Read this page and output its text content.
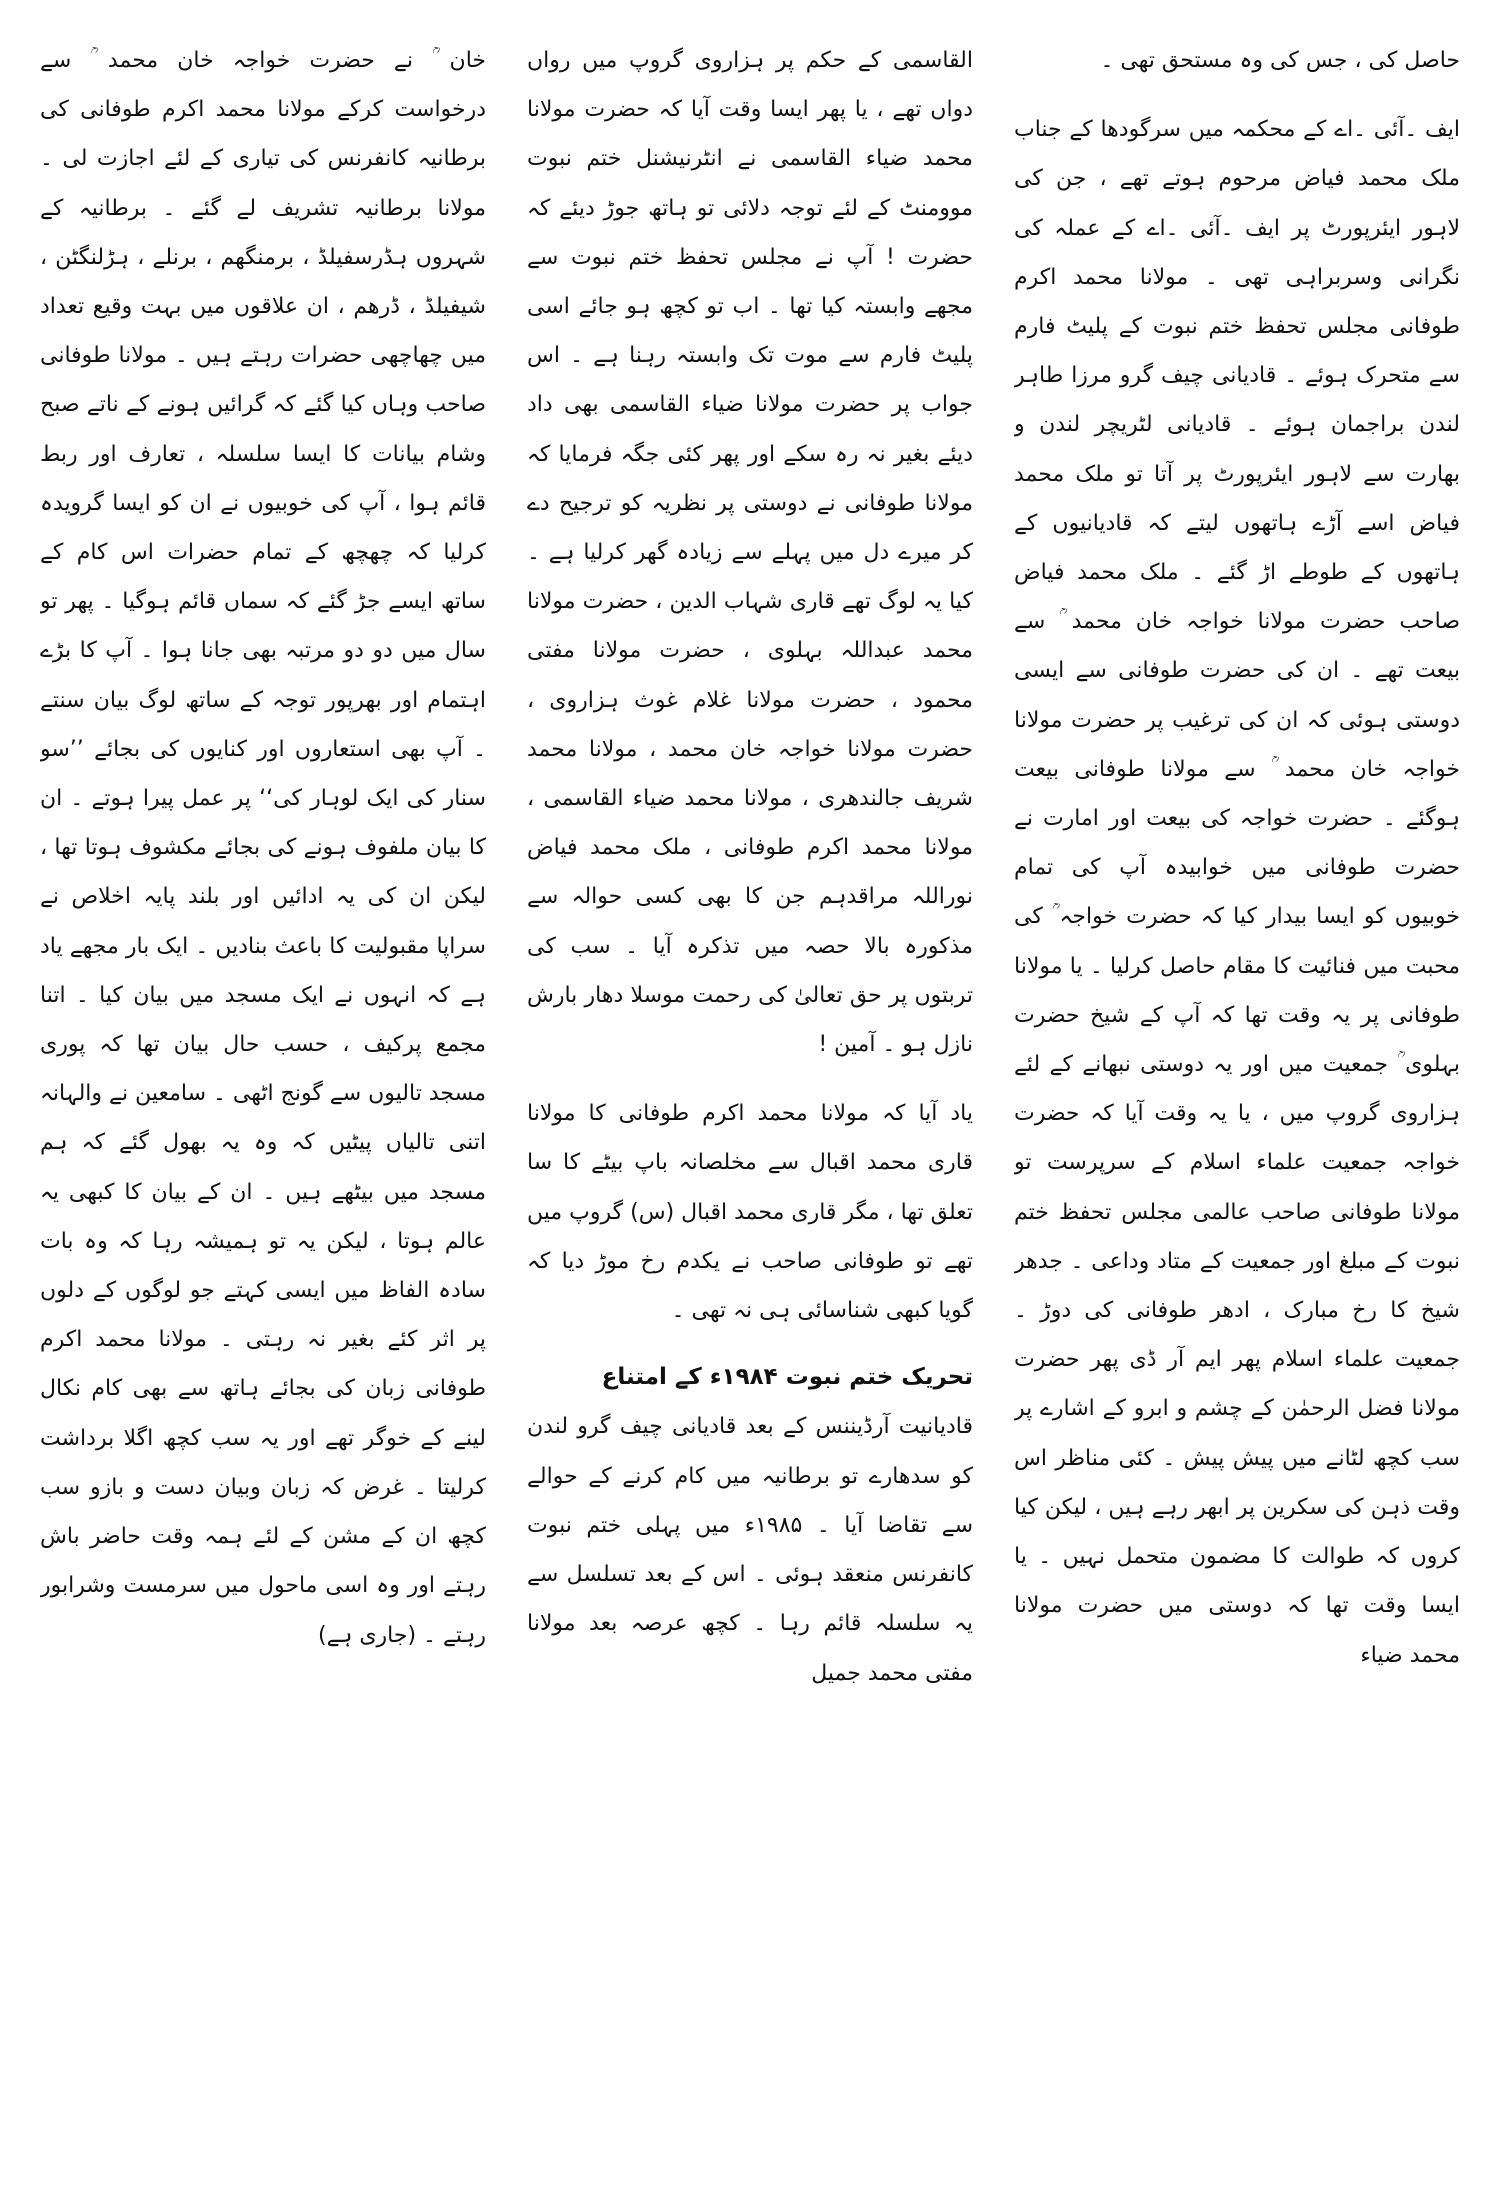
حاصل کی ، جس کی وہ مستحق تھی ۔

ایف ۔آئی ۔اے کے محکمہ میں سرگودھا کے جناب ملک محمد فیاض مرحوم ہوتے تھے ، جن کی لاہور ایئرپورٹ پر ایف ۔آئی ۔اے کے عملہ کی نگرانی وسربراہی تھی ۔ مولانا محمد اکرم طوفانی مجلس تحفظ ختم نبوت کے پلیٹ فارم سے متحرک ہوئے ۔ قادیانی چیف گرو مرزا طاہر لندن براجمان ہوئے ۔ قادیانی لٹریچر لندن و بھارت سے لاہور ایئرپورٹ پر آتا تو ملک محمد فیاض اسے آڑے ہاتھوں لیتے کہ قادیانیوں کے ہاتھوں کے طوطے اڑ گئے ۔ ملک محمد فیاض صاحب حضرت مولانا خواجہ خان محمد ؒ سے بیعت تھے ۔ ان کی حضرت طوفانی سے ایسی دوستی ہوئی کہ ان کی ترغیب پر حضرت مولانا خواجہ خان محمد ؒ سے مولانا طوفانی بیعت ہوگئے ۔ حضرت خواجہ کی بیعت اور امارت نے حضرت طوفانی میں خوابیدہ آپ کی تمام خوبیوں کو ایسا بیدار کیا کہ حضرت خواجہ ؒ کی محبت میں فنائیت کا مقام حاصل کرلیا ۔ یا مولانا طوفانی پر یہ وقت تھا کہ آپ کے شیخ حضرت بہلوی ؒ جمعیت میں اور یہ دوستی نبھانے کے لئے ہزاروی گروپ میں ، یا یہ وقت آیا کہ حضرت خواجہ جمعیت علماء اسلام کے سرپرست تو مولانا طوفانی صاحب عالمی مجلس تحفظ ختم نبوت کے مبلغ اور جمعیت کے متاد وداعی ۔ جدھر شیخ کا رخ مبارک ، ادھر طوفانی کی دوڑ ۔ جمعیت علماء اسلام پھر ایم آر ڈی پھر حضرت مولانا فضل الرحمٰن کے چشم و ابرو کے اشارے پر سب کچھ لٹانے میں پیش پیش ۔ کئی مناظر اس وقت ذہن کی سکرین پر ابھر رہے ہیں ، لیکن کیا کروں کہ طوالت کا مضمون متحمل نہیں ۔ یا ایسا وقت تھا کہ دوستی میں حضرت مولانا محمد ضیاء

القاسمی کے حکم پر ہزاروی گروپ میں رواں دواں تھے ، یا پھر ایسا وقت آیا کہ حضرت مولانا محمد ضیاء القاسمی نے انٹرنیشنل ختم نبوت موومنٹ کے لئے توجہ دلائی تو ہاتھ جوڑ دیئے کہ حضرت ! آپ نے مجلس تحفظ ختم نبوت سے مجھے وابستہ کیا تھا ۔ اب تو کچھ ہو جائے اسی پلیٹ فارم سے موت تک وابستہ رہنا ہے ۔ اس جواب پر حضرت مولانا ضیاء القاسمی بھی داد دیئے بغیر نہ رہ سکے اور پھر کئی جگہ فرمایا کہ مولانا طوفانی نے دوستی پر نظریہ کو ترجیح دے کر میرے دل میں پہلے سے زیادہ گھر کرلیا ہے ۔ کیا یہ لوگ تھے قاری شہاب الدین ، حضرت مولانا محمد عبداللہ بہلوی ، حضرت مولانا مفتی محمود ، حضرت مولانا غلام غوث ہزاروی ، حضرت مولانا خواجہ خان محمد ، مولانا محمد شریف جالندھری ، مولانا محمد ضیاء القاسمی ، مولانا محمد اکرم طوفانی ، ملک محمد فیاض نوراللہ مراقدہم جن کا بھی کسی حوالہ سے مذکورہ بالا حصہ میں تذکرہ آیا ۔ سب کی تربتوں پر حق تعالیٰ کی رحمت موسلا دھار بارش نازل ہو ۔ آمین !

یاد آیا کہ مولانا محمد اکرم طوفانی کا مولانا قاری محمد اقبال سے مخلصانہ باپ بیٹے کا سا تعلق تھا ، مگر قاری محمد اقبال (س) گروپ میں تھے تو طوفانی صاحب نے یکدم رخ موڑ دیا کہ گویا کبھی شناسائی ہی نہ تھی ۔

تحریک ختم نبوت ۱۹۸۴ء کے امتناع

قادیانیت آرڈیننس کے بعد قادیانی چیف گرو لندن کو سدھارے تو برطانیہ میں کام کرنے کے حوالے سے تقاضا آیا ۔ ۱۹۸۵ء میں پہلی ختم نبوت کانفرنس منعقد ہوئی ۔ اس کے بعد تسلسل سے یہ سلسلہ قائم رہا ۔ کچھ عرصہ بعد مولانا مفتی محمد جمیل

خان ؒ نے حضرت خواجہ خان محمد ؒ سے درخواست کرکے مولانا محمد اکرم طوفانی کی برطانیہ کانفرنس کی تیاری کے لئے اجازت لی ۔ مولانا برطانیہ تشریف لے گئے ۔ برطانیہ کے شہروں ہڈرسفیلڈ ، برمنگھم ، برنلے ، ہڑلنگٹن ، شیفیلڈ ، ڈرھم ، ان علاقوں میں بہت وقیع تعداد میں چھاچھی حضرات رہتے ہیں ۔ مولانا طوفانی صاحب وہاں کیا گئے کہ گرائیں ہونے کے ناتے صبح وشام بیانات کا ایسا سلسلہ ، تعارف اور ربط قائم ہوا ، آپ کی خوبیوں نے ان کو ایسا گرویدہ کرلیا کہ چھچھ کے تمام حضرات اس کام کے ساتھ ایسے جڑ گئے کہ سماں قائم ہوگیا ۔ پھر تو سال میں دو دو مرتبہ بھی جانا ہوا ۔ آپ کا بڑے اہتمام اور بھرپور توجہ کے ساتھ لوگ بیان سنتے ۔ آپ بھی استعاروں اور کنایوں کی بجائے ’’سو سنار کی ایک لوہار کی‘‘ پر عمل پیرا ہوتے ۔ ان کا بیان ملفوف ہونے کی بجائے مکشوف ہوتا تھا ، لیکن ان کی یہ ادائیں اور بلند پایہ اخلاص نے سراپا مقبولیت کا باعث بنادیں ۔ ایک بار مجھے یاد ہے کہ انہوں نے ایک مسجد میں بیان کیا ۔ اتنا مجمع پرکیف ، حسب حال بیان تھا کہ پوری مسجد تالیوں سے گونج اٹھی ۔ سامعین نے والہانہ اتنی تالیاں پیٹیں کہ وہ یہ بھول گئے کہ ہم مسجد میں بیٹھے ہیں ۔ ان کے بیان کا کبھی یہ عالم ہوتا ، لیکن یہ تو ہمیشہ رہا کہ وہ بات سادہ الفاظ میں ایسی کہتے جو لوگوں کے دلوں پر اثر کئے بغیر نہ رہتی ۔ مولانا محمد اکرم طوفانی زبان کی بجائے ہاتھ سے بھی کام نکال لینے کے خوگر تھے اور یہ سب کچھ اگلا برداشت کرلیتا ۔ غرض کہ زبان وبیان دست و بازو سب کچھ ان کے مشن کے لئے ہمہ وقت حاضر باش رہتے اور وہ اسی ماحول میں سرمست وشرابور رہتے ۔ (جاری ہے)
